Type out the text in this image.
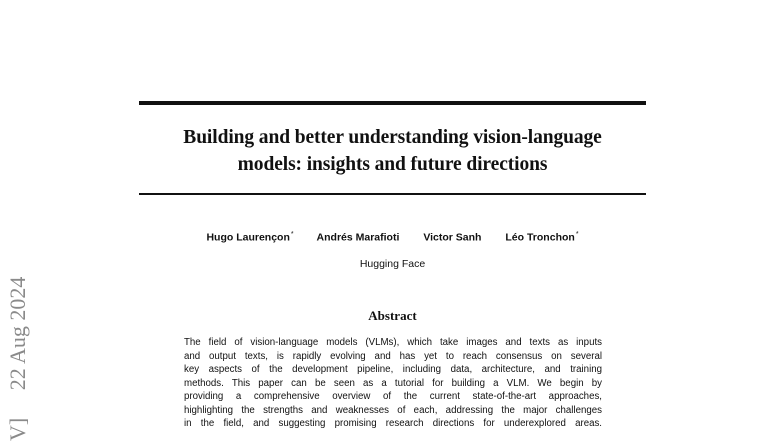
V]     22 Aug 2024
Building and better understanding vision-language
models: insights and future directions
Hugo Laurençon* Andrés Marafioti Victor Sanh Léo Tronchon*
Hugging Face
Abstract
The field of vision-language models (VLMs), which take images and texts as inputs
and output texts, is rapidly evolving and has yet to reach consensus on several
key aspects of the development pipeline, including data, architecture, and training
methods. This paper can be seen as a tutorial for building a VLM. We begin by
providing a comprehensive overview of the current state-of-the-art approaches,
highlighting the strengths and weaknesses of each, addressing the major challenges
in the field, and suggesting promising research directions for underexplored areas.
